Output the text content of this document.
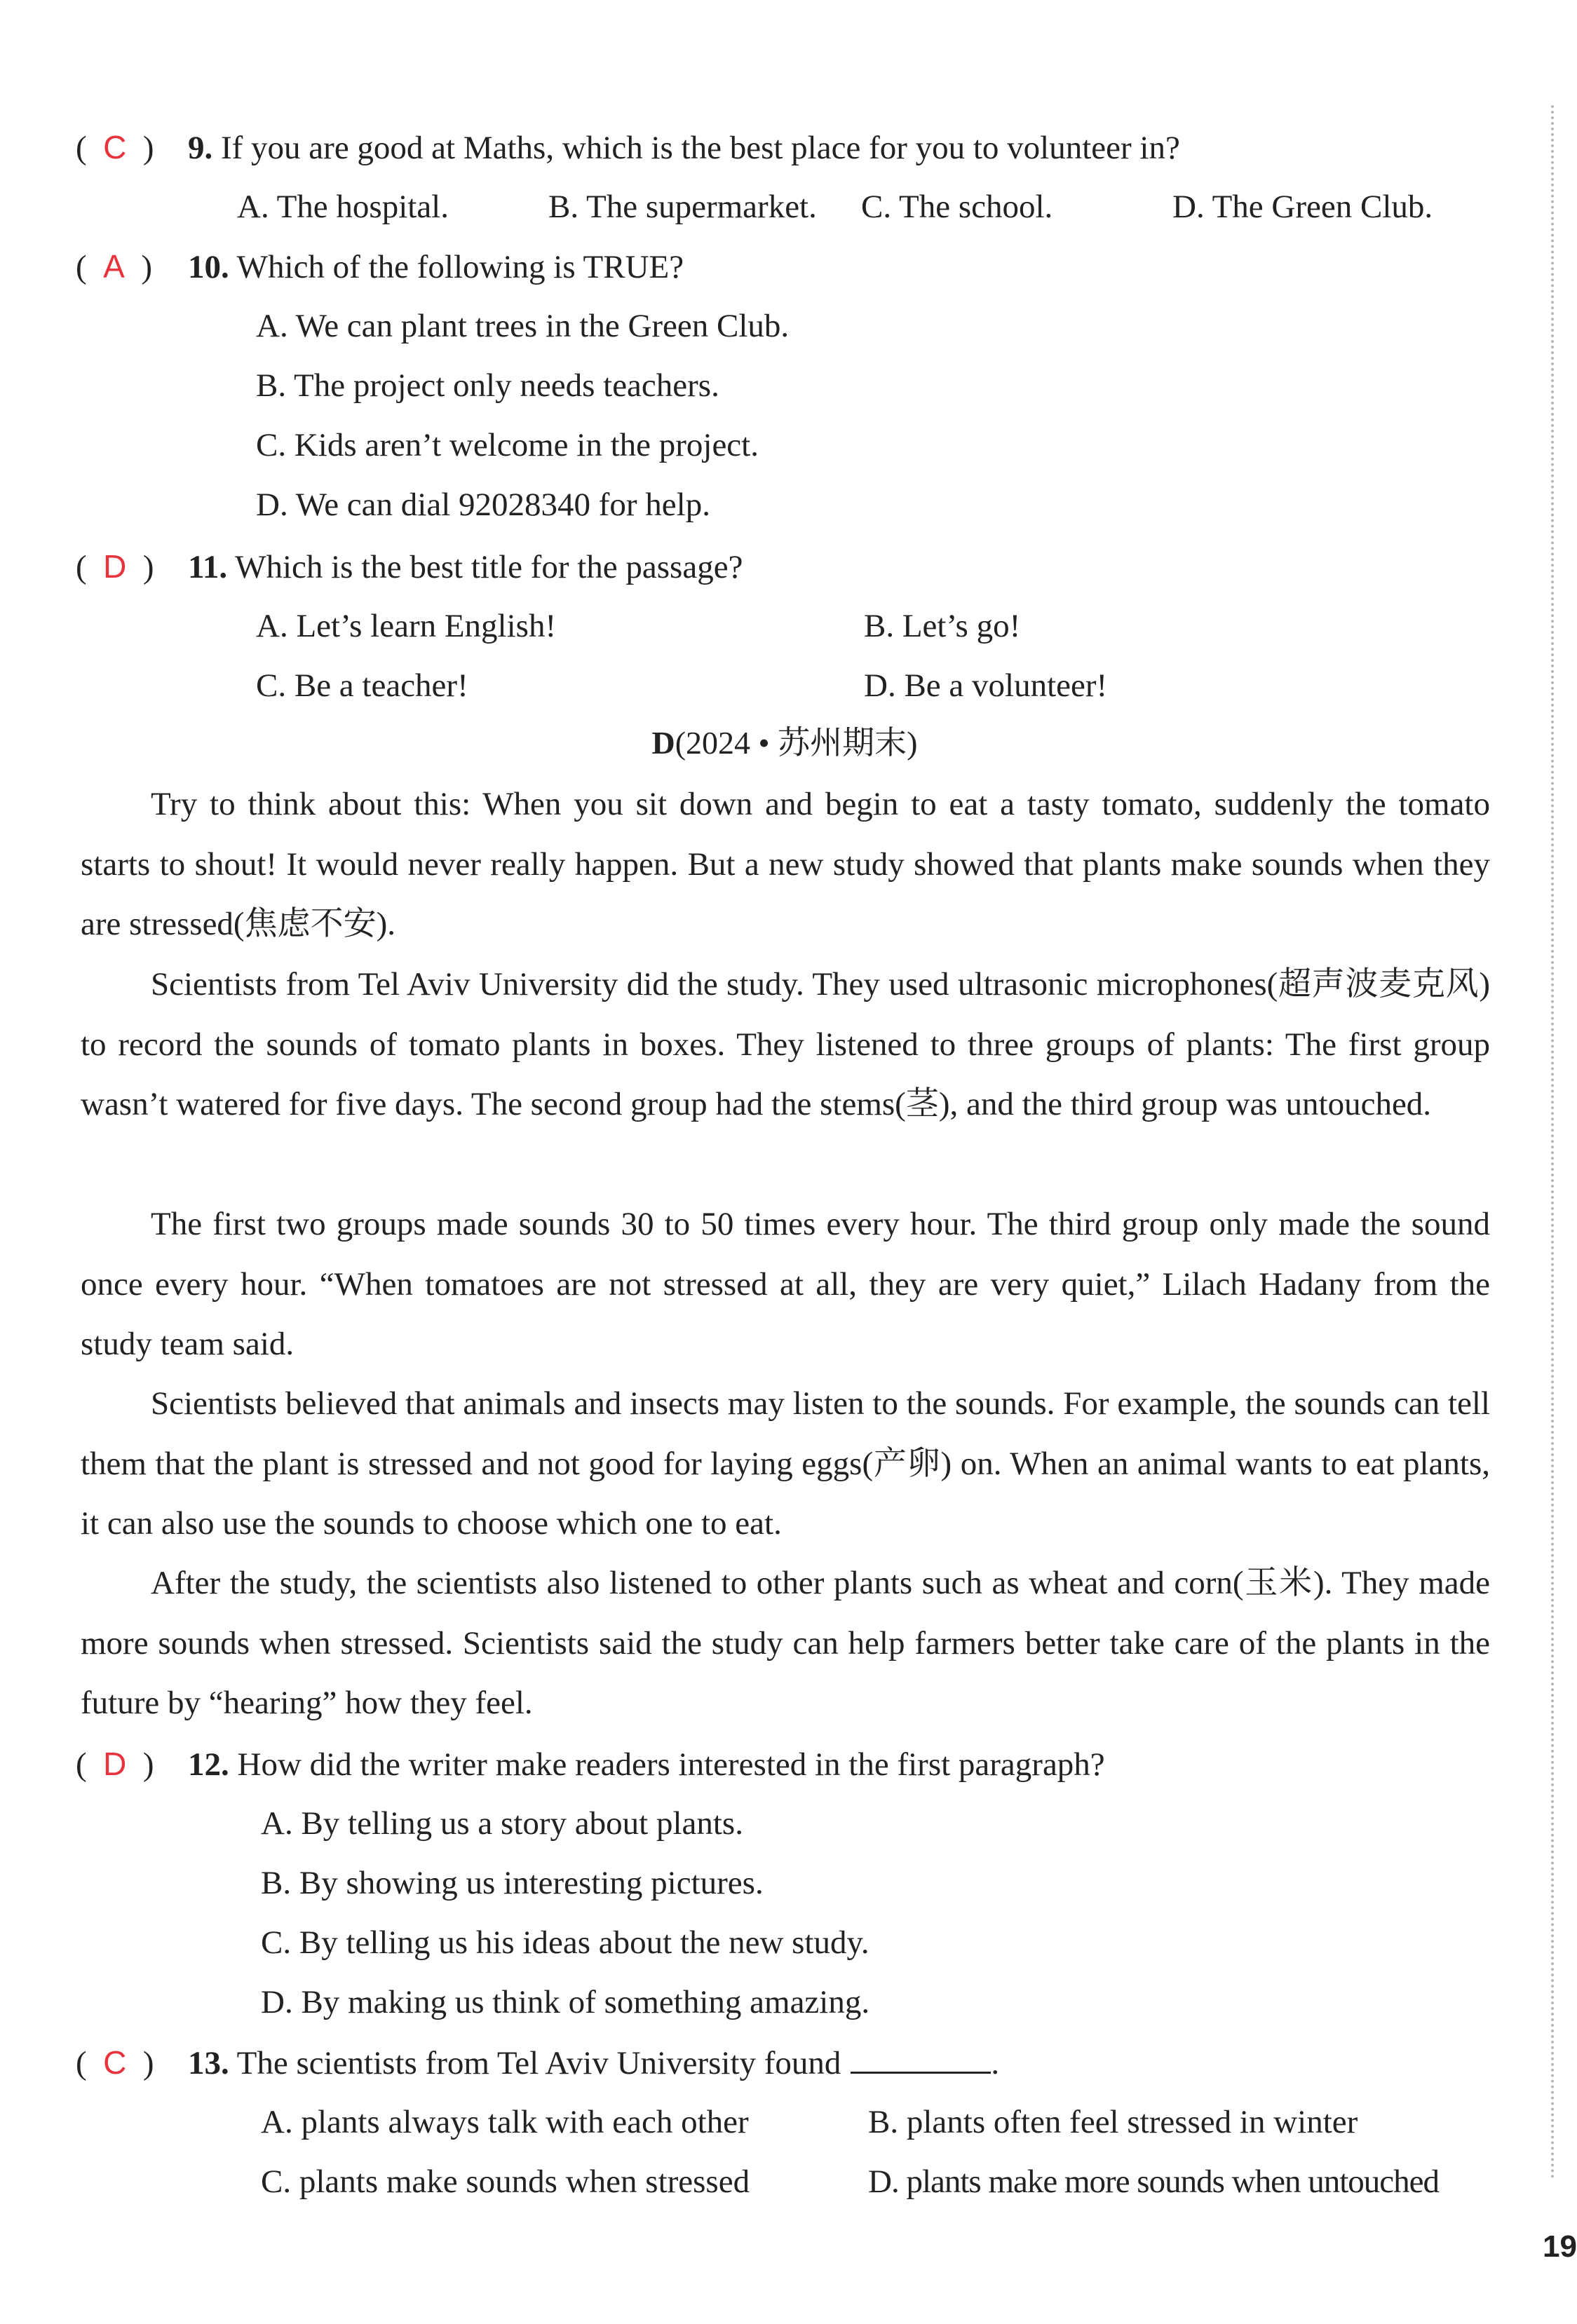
(  C  ) 9. If you are good at Maths, which is the best place for you to volunteer in?
A. The hospital.	B. The supermarket. C. The school.	D. The Green Club.
(  A  ) 10. Which of the following is TRUE?
A. We can plant trees in the Green Club.
B. The project only needs teachers.
C. Kids aren’t welcome in the project.
D. We can dial 92028340 for help.
(  D  ) 11. Which is the best title for the passage?
A. Let’s learn English!	B. Let’s go!
C. Be a teacher!	D. Be a volunteer!
D(2024 • 苏州期末)
Try to think about this: When you sit down and begin to eat a tasty tomato, suddenly the tomato starts to shout! It would never really happen. But a new study showed that plants make sounds when they are stressed(焦虑不安).
Scientists from Tel Aviv University did the study. They used ultrasonic microphones(超声波麦克风) to record the sounds of tomato plants in boxes. They listened to three groups of plants: The first group wasn’t watered for five days. The second group had the stems(茎), and the third group was untouched.
The first two groups made sounds 30 to 50 times every hour. The third group only made the sound once every hour. “When tomatoes are not stressed at all, they are very quiet,” Lilach Hadany from the study team said.
Scientists believed that animals and insects may listen to the sounds. For example, the sounds can tell them that the plant is stressed and not good for laying eggs(产卵) on. When an animal wants to eat plants, it can also use the sounds to choose which one to eat.
After the study, the scientists also listened to other plants such as wheat and corn(玉米). They made more sounds when stressed. Scientists said the study can help farmers better take care of the plants in the future by “hearing” how they feel.
(  D  ) 12. How did the writer make readers interested in the first paragraph?
A. By telling us a story about plants.
B. By showing us interesting pictures.
C. By telling us his ideas about the new study.
D. By making us think of something amazing.
(  C  ) 13. The scientists from Tel Aviv University found	.
A. plants always talk with each other	B. plants often feel stressed in winter
C. plants make sounds when stressed	D. plants make more sounds when untouched
19
